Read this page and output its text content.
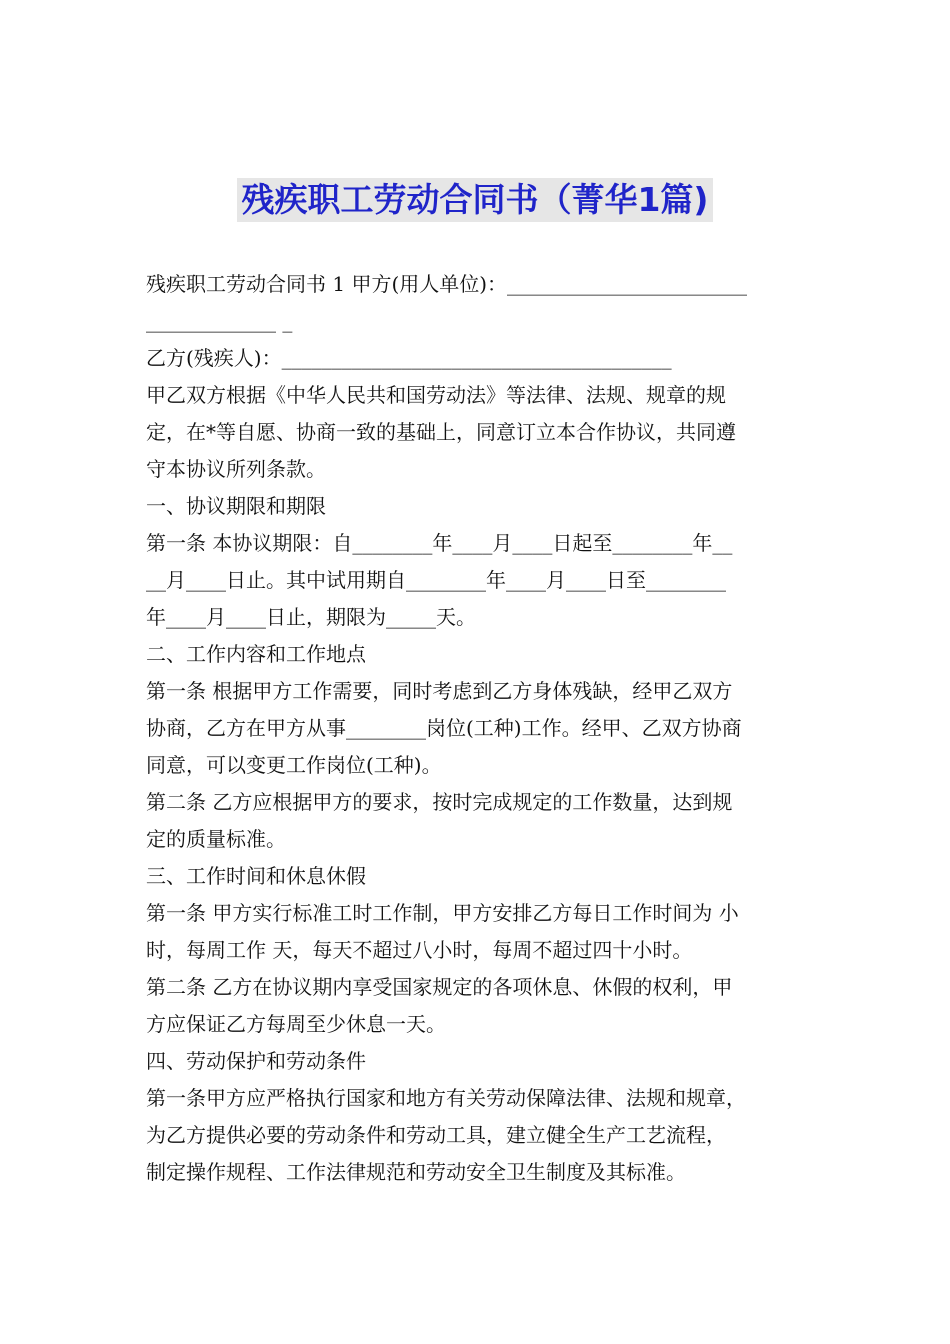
残疾职工劳动合同书（菁华1篇)

残疾职工劳动合同书 1 甲方(用人单位)：________________________

_____________ _

乙方(残疾人)：_______________________________________

甲乙双方根据《中华人民共和国劳动法》等法律、法规、规章的规

定，在*等自愿、协商一致的基础上，同意订立本合作协议，共同遵

守本协议所列条款。

一、协议期限和期限

第一条 本协议期限：自________年____月____日起至________年__

__月____日止。其中试用期自________年____月____日至________

年____月____日止，期限为_____天。

二、工作内容和工作地点

第一条 根据甲方工作需要，同时考虑到乙方身体残缺，经甲乙双方

协商，乙方在甲方从事________岗位(工种)工作。经甲、乙双方协商

同意，可以变更工作岗位(工种)。

第二条 乙方应根据甲方的要求，按时完成规定的工作数量，达到规

定的质量标准。

三、工作时间和休息休假

第一条 甲方实行标准工时工作制，甲方安排乙方每日工作时间为 小

时，每周工作 天，每天不超过八小时，每周不超过四十小时。

第二条 乙方在协议期内享受国家规定的各项休息、休假的权利，甲

方应保证乙方每周至少休息一天。

四、劳动保护和劳动条件

第一条甲方应严格执行国家和地方有关劳动保障法律、法规和规章，

为乙方提供必要的劳动条件和劳动工具，建立健全生产工艺流程，

制定操作规程、工作法律规范和劳动安全卫生制度及其标准。
